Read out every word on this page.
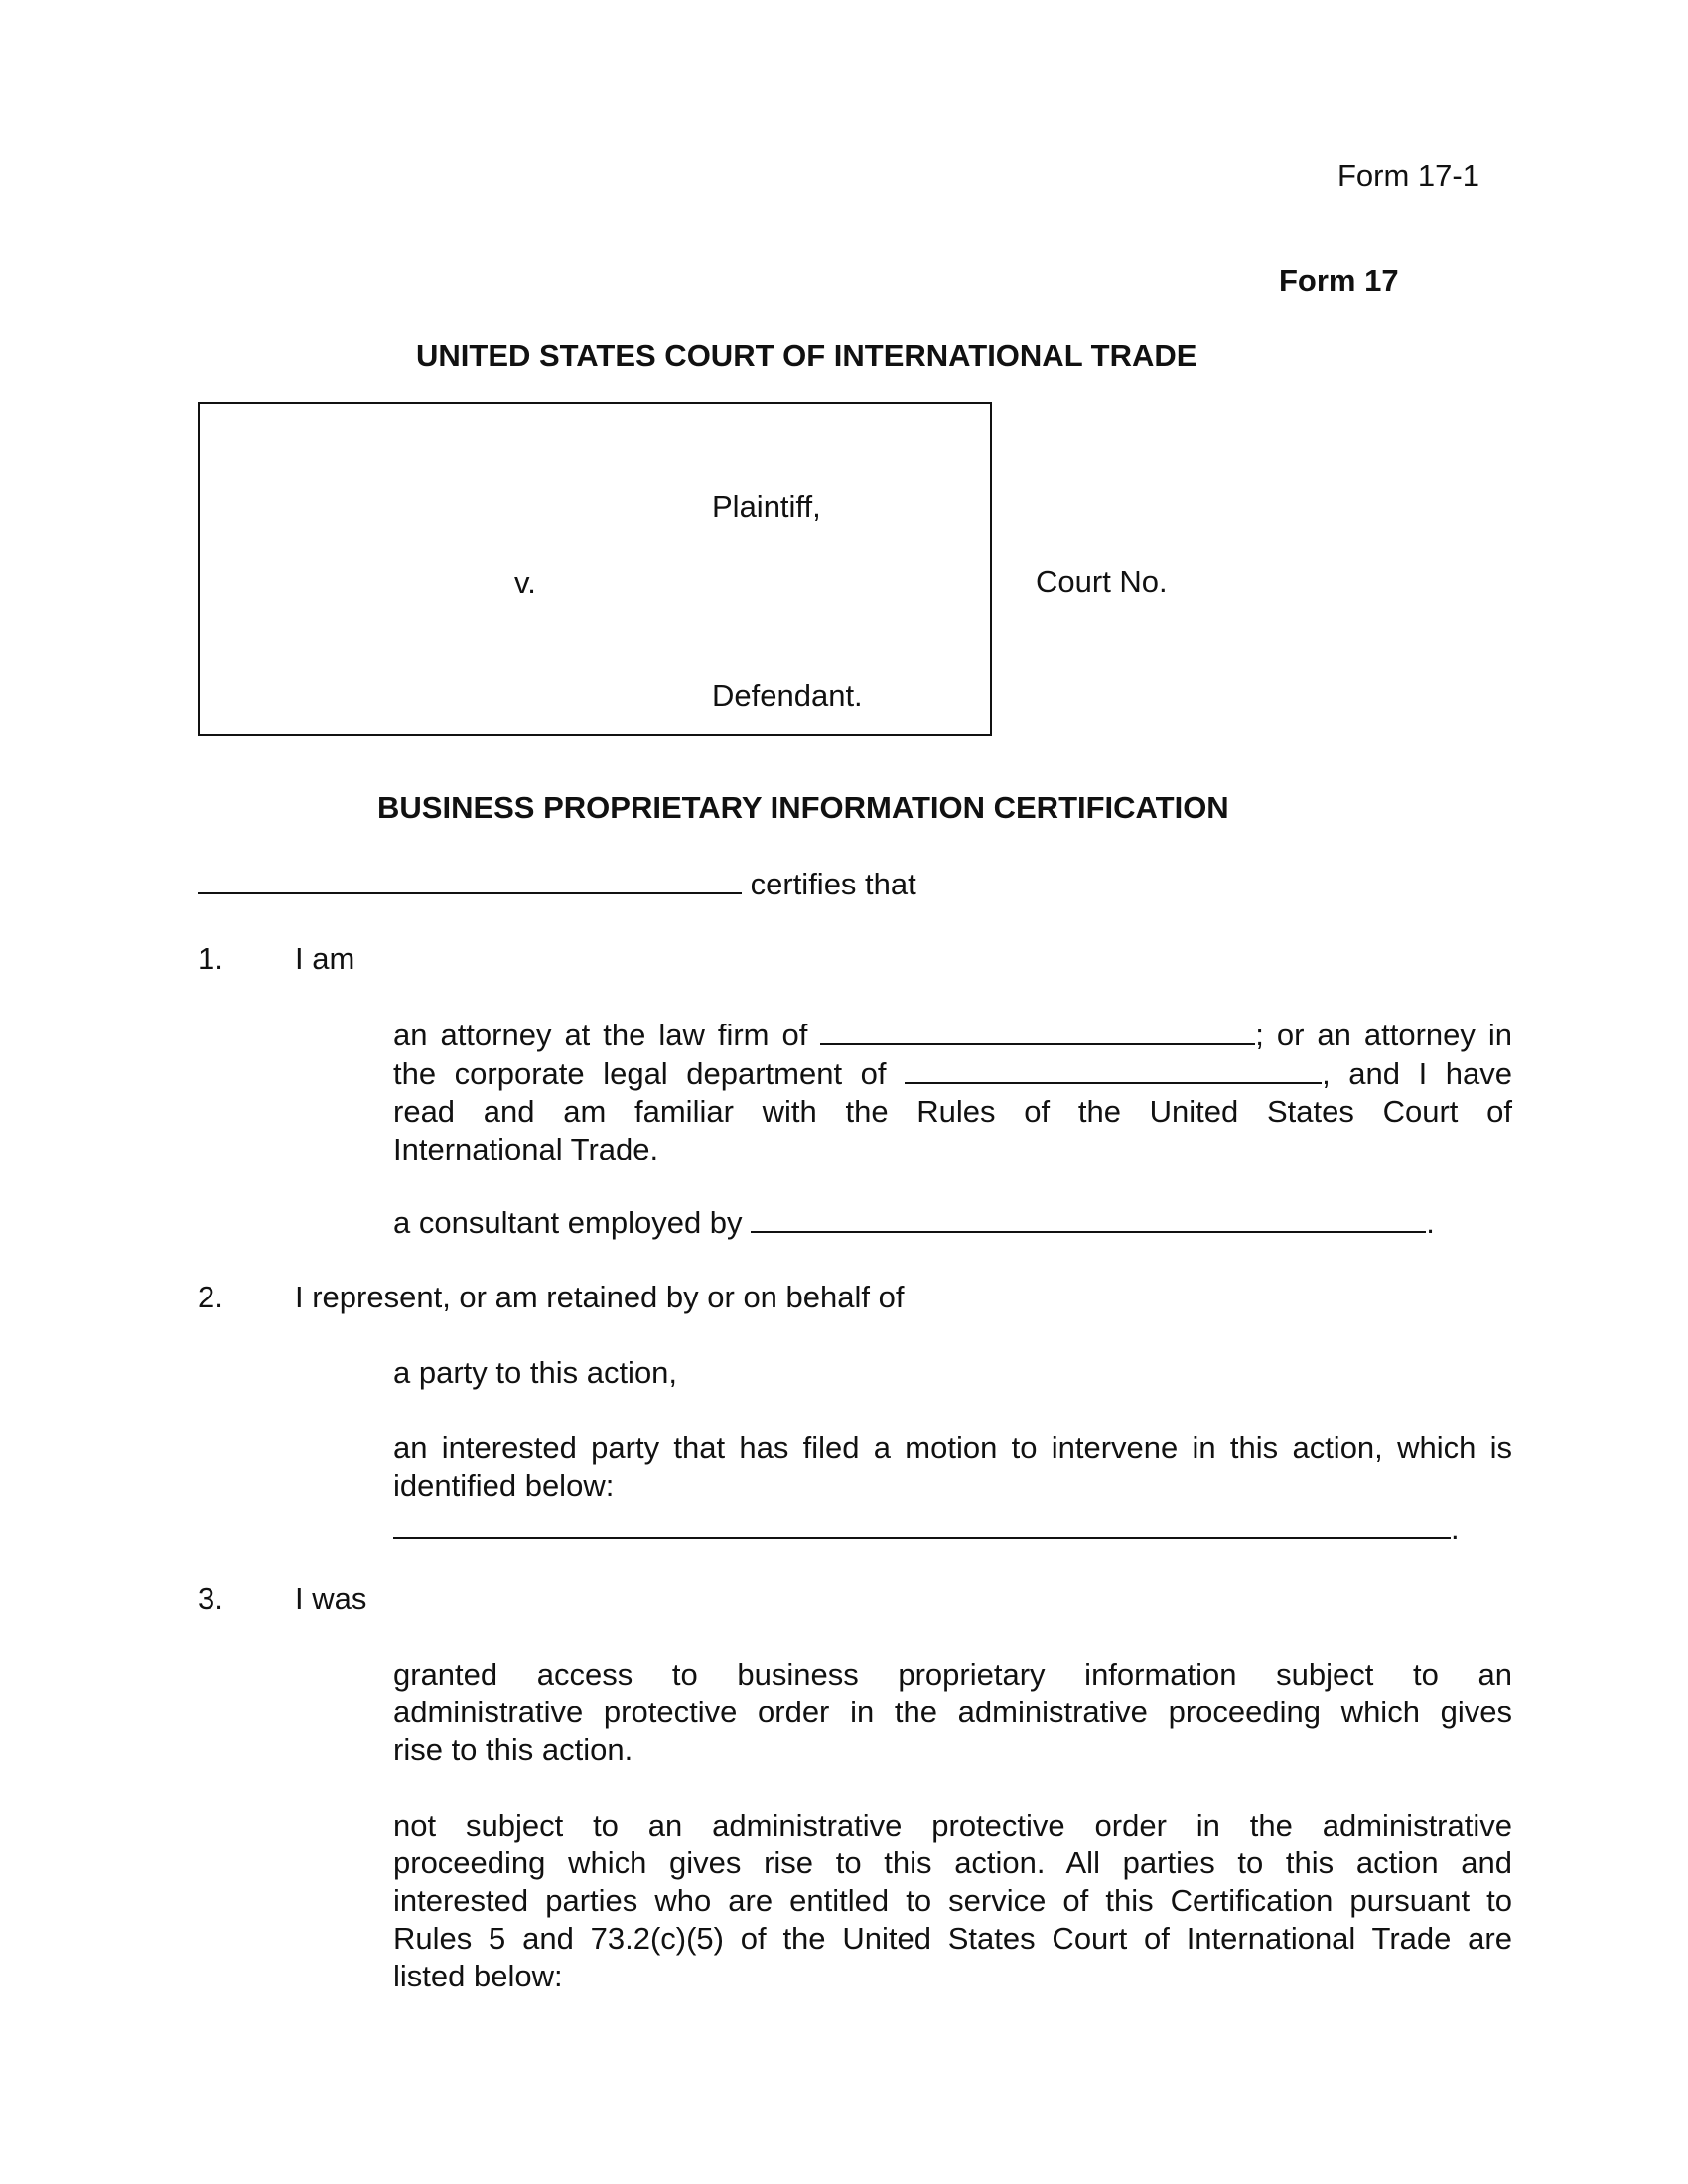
Form 17-1
Form 17
UNITED STATES COURT OF INTERNATIONAL TRADE
Plaintiff,
v.
Defendant.
Court No.
BUSINESS PROPRIETARY INFORMATION CERTIFICATION
certifies that
1. I am
an attorney at the law firm of	; or an attorney in
the corporate legal department of	, and I have
read and am familiar with the Rules of the United States Court of
International Trade.
a consultant employed by	.
2. I represent, or am retained by or on behalf of
a party to this action,
an interested party that has filed a motion to intervene in this action, which is
identified below:
.
3. I was
granted access to business proprietary information subject to an
administrative protective order in the administrative proceeding which gives
rise to this action.
not subject to an administrative protective order in the administrative
proceeding which gives rise to this action. All parties to this action and
interested parties who are entitled to service of this Certification pursuant to
Rules 5 and 73.2(c)(5) of the United States Court of International Trade are
listed below:
